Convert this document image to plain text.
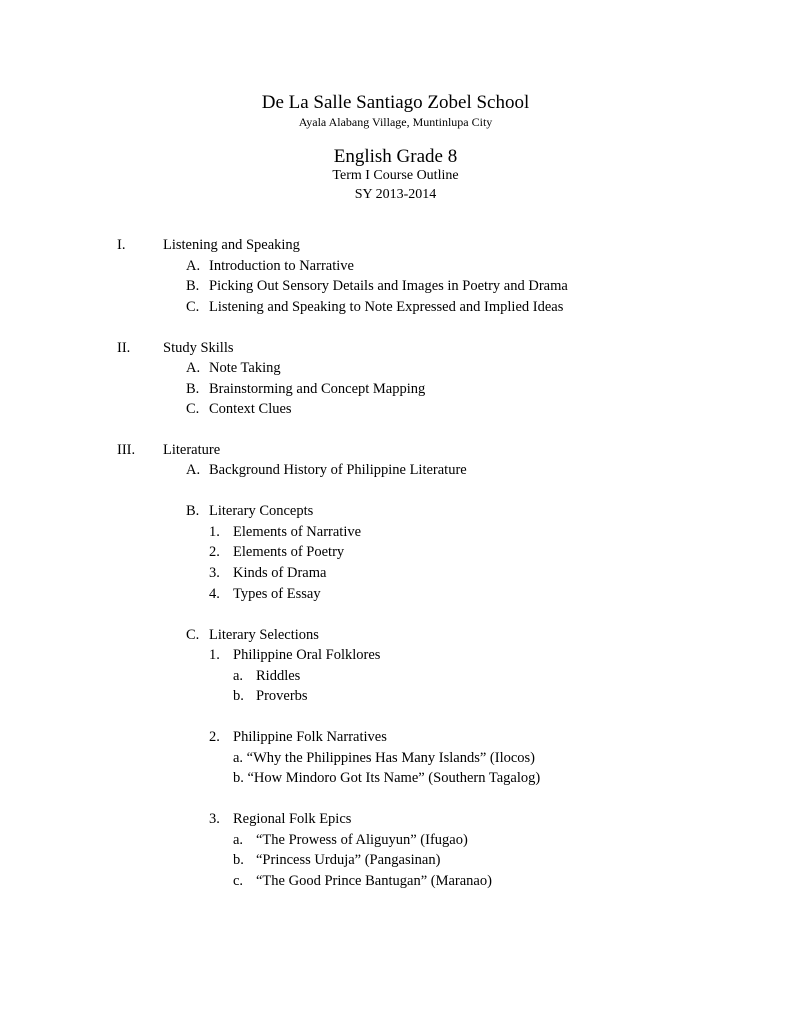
De La Salle Santiago Zobel School
Ayala Alabang Village, Muntinlupa City
English Grade 8
Term I Course Outline
SY 2013-2014
I.	Listening and Speaking
A. Introduction to Narrative
B. Picking Out Sensory Details and Images in Poetry and Drama
C. Listening and Speaking to Note Expressed and Implied Ideas
II. Study Skills
A. Note Taking
B. Brainstorming and Concept Mapping
C. Context Clues
III. Literature
A. Background History of Philippine Literature
B. Literary Concepts
1. Elements of Narrative
2. Elements of Poetry
3. Kinds of Drama
4. Types of Essay
C. Literary Selections
1. Philippine Oral Folklores
a. Riddles
b. Proverbs
2. Philippine Folk Narratives
a. “Why the Philippines Has Many Islands” (Ilocos)
b. “How Mindoro Got Its Name” (Southern Tagalog)
3. Regional Folk Epics
a. “The Prowess of Aliguyun” (Ifugao)
b. “Princess Urduja” (Pangasinan)
c. “The Good Prince Bantugan” (Maranao)
